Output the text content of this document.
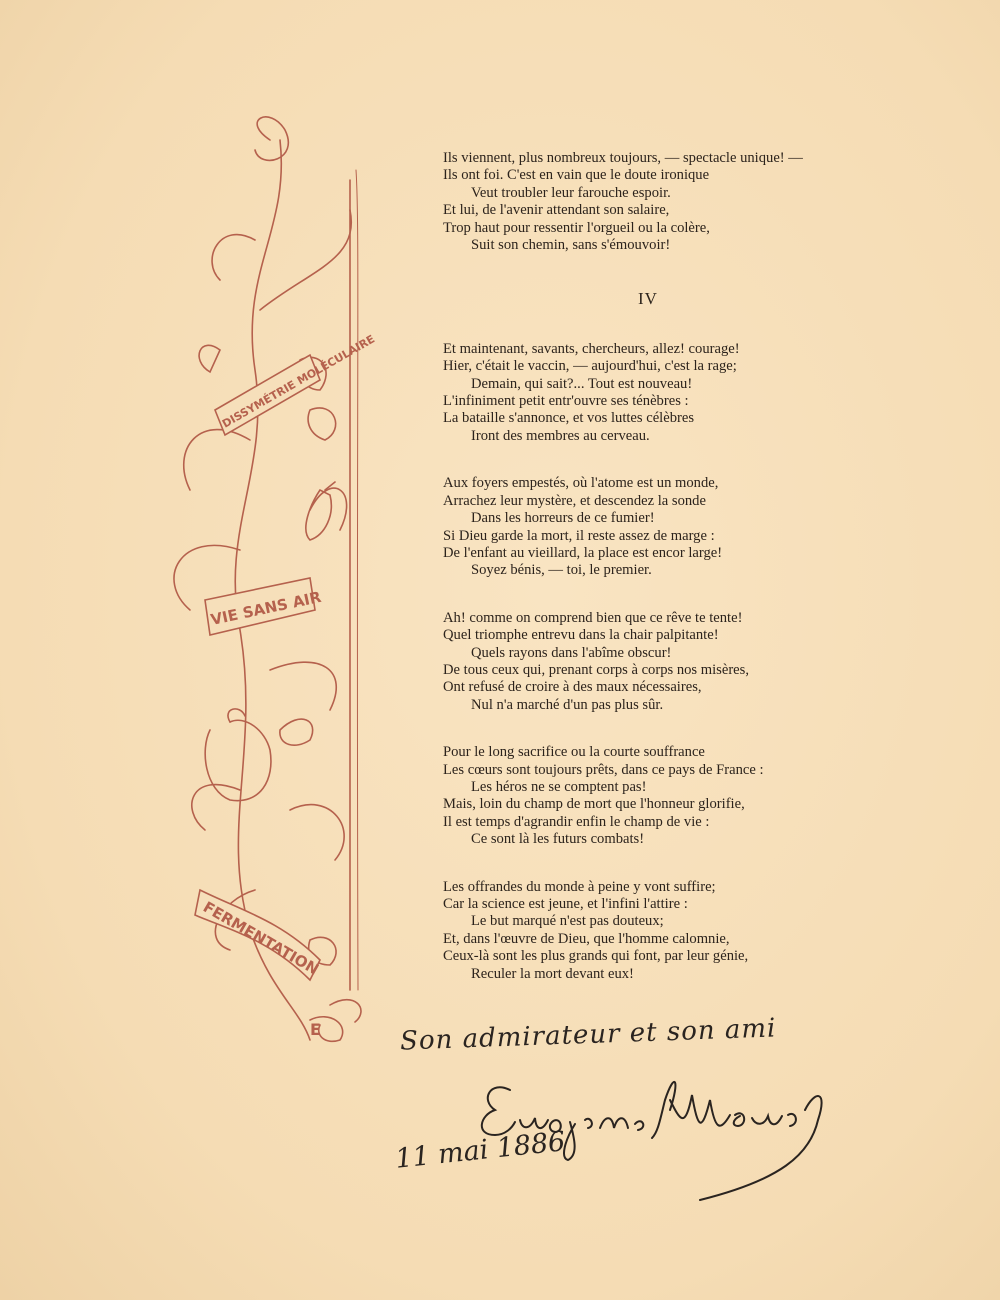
DISSYMÉTRIE MOLÉCULAIRE
VIE SANS AIR
FERMENTATION
E
Ils viennent, plus nombreux toujours, — spectacle unique! —
Ils ont foi. C'est en vain que le doute ironique
Veut troubler leur farouche espoir.
Et lui, de l'avenir attendant son salaire,
Trop haut pour ressentir l'orgueil ou la colère,
Suit son chemin, sans s'émouvoir!
IV
Et maintenant, savants, chercheurs, allez! courage!
Hier, c'était le vaccin, — aujourd'hui, c'est la rage;
Demain, qui sait?... Tout est nouveau!
L'infiniment petit entr'ouvre ses ténèbres :
La bataille s'annonce, et vos luttes célèbres
Iront des membres au cerveau.
Aux foyers empestés, où l'atome est un monde,
Arrachez leur mystère, et descendez la sonde
Dans les horreurs de ce fumier!
Si Dieu garde la mort, il reste assez de marge :
De l'enfant au vieillard, la place est encor large!
Soyez bénis, — toi, le premier.
Ah! comme on comprend bien que ce rêve te tente!
Quel triomphe entrevu dans la chair palpitante!
Quels rayons dans l'abîme obscur!
De tous ceux qui, prenant corps à corps nos misères,
Ont refusé de croire à des maux nécessaires,
Nul n'a marché d'un pas plus sûr.
Pour le long sacrifice ou la courte souffrance
Les cœurs sont toujours prêts, dans ce pays de France :
Les héros ne se comptent pas!
Mais, loin du champ de mort que l'honneur glorifie,
Il est temps d'agrandir enfin le champ de vie :
Ce sont là les futurs combats!
Les offrandes du monde à peine y vont suffire;
Car la science est jeune, et l'infini l'attire :
Le but marqué n'est pas douteux;
Et, dans l'œuvre de Dieu, que l'homme calomnie,
Ceux-là sont les plus grands qui font, par leur génie,
Reculer la mort devant eux!
Son admirateur et son ami
11 mai 1886
